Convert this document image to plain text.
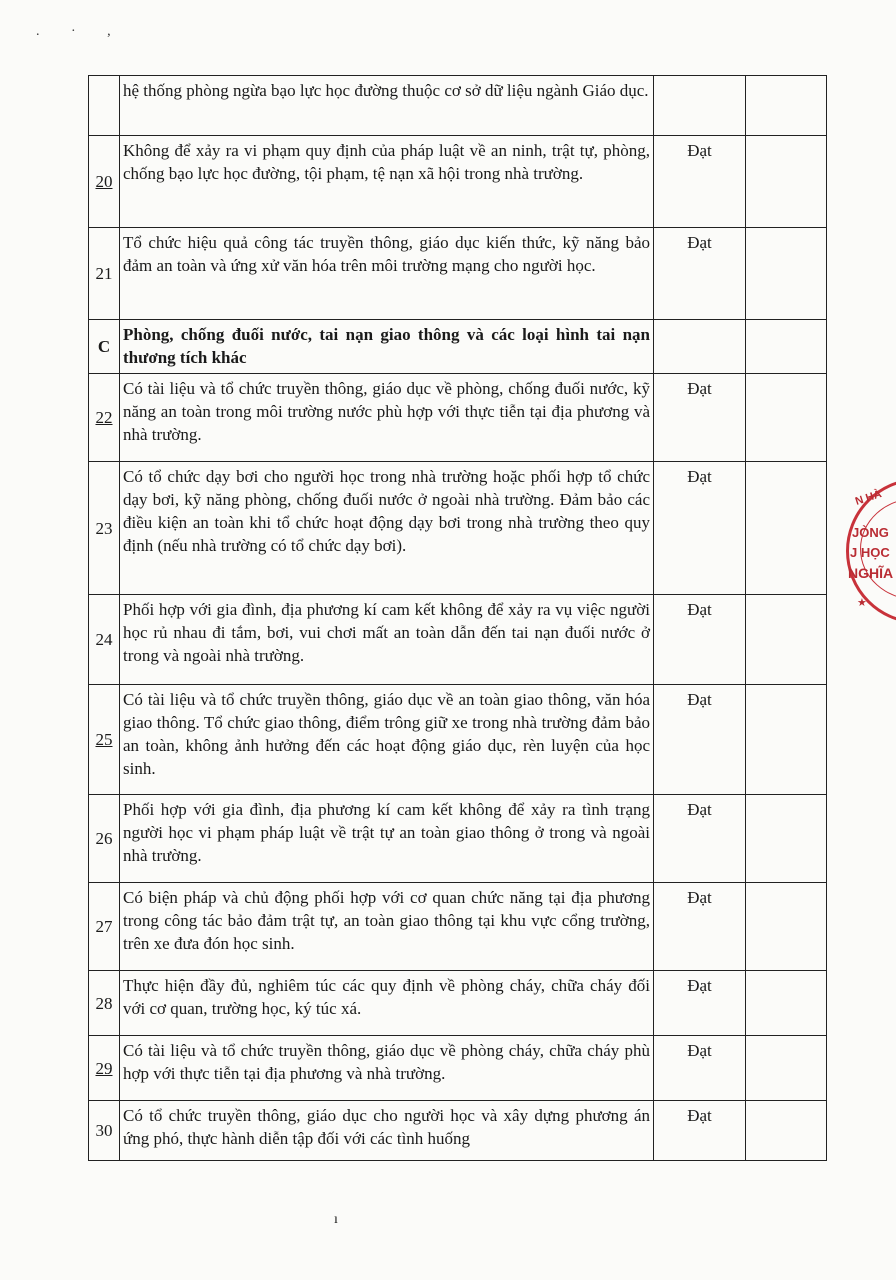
. · ,
	hệ thống phòng ngừa bạo lực học đường thuộc cơ sở dữ liệu ngành Giáo dục.		
20	Không để xảy ra vi phạm quy định của pháp luật về an ninh, trật tự, phòng, chống bạo lực học đường, tội phạm, tệ nạn xã hội trong nhà trường.	Đạt	
21	Tổ chức hiệu quả công tác truyền thông, giáo dục kiến thức, kỹ năng bảo đảm an toàn và ứng xử văn hóa trên môi trường mạng cho người học.	Đạt	
C	Phòng, chống đuối nước, tai nạn giao thông và các loại hình tai nạn thương tích khác		
22	Có tài liệu và tổ chức truyền thông, giáo dục về phòng, chống đuối nước, kỹ năng an toàn trong môi trường nước phù hợp với thực tiễn tại địa phương và nhà trường.	Đạt	
23	Có tổ chức dạy bơi cho người học trong nhà trường hoặc phối hợp tổ chức dạy bơi, kỹ năng phòng, chống đuối nước ở ngoài nhà trường. Đảm bảo các điều kiện an toàn khi tổ chức hoạt động dạy bơi trong nhà trường theo quy định (nếu nhà trường có tổ chức dạy bơi).	Đạt	
24	Phối hợp với gia đình, địa phương kí cam kết không để xảy ra vụ việc người học rủ nhau đi tắm, bơi, vui chơi mất an toàn dẫn đến tai nạn đuối nước ở trong và ngoài nhà trường.	Đạt	
25	Có tài liệu và tổ chức truyền thông, giáo dục về an toàn giao thông, văn hóa giao thông. Tổ chức giao thông, điểm trông giữ xe trong nhà trường đảm bảo an toàn, không ảnh hưởng đến các hoạt động giáo dục, rèn luyện của học sinh.	Đạt	
26	Phối hợp với gia đình, địa phương kí cam kết không để xảy ra tình trạng người học vi phạm pháp luật về trật tự an toàn giao thông ở trong và ngoài nhà trường.	Đạt	
27	Có biện pháp và chủ động phối hợp với cơ quan chức năng tại địa phương trong công tác bảo đảm trật tự, an toàn giao thông tại khu vực cổng trường, trên xe đưa đón học sinh.	Đạt	
28	Thực hiện đầy đủ, nghiêm túc các quy định về phòng cháy, chữa cháy đối với cơ quan, trường học, ký túc xá.	Đạt	
29	Có tài liệu và tổ chức truyền thông, giáo dục về phòng cháy, chữa cháy phù hợp với thực tiễn tại địa phương và nhà trường.	Đạt	
30	Có tổ chức truyền thông, giáo dục cho người học và xây dựng phương án ứng phó, thực hành diễn tập đối với các tình huống	Đạt	
N HÀ
JÒNG
J HỌC
NGHĨA
★
ı
